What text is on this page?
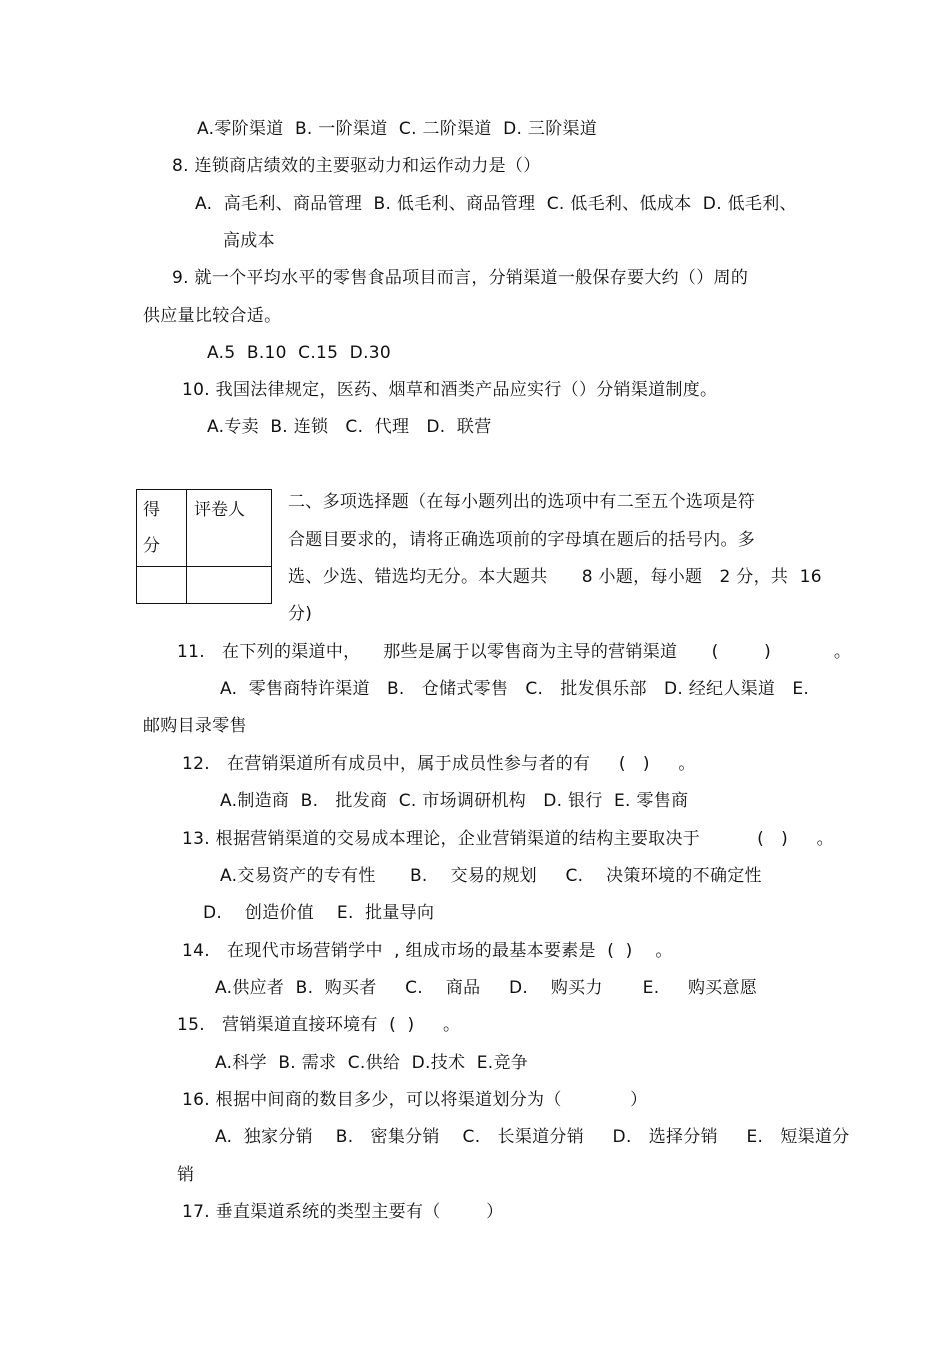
A.零阶渠道  B. 一阶渠道  C. 二阶渠道  D. 三阶渠道
8. 连锁商店绩效的主要驱动力和运作动力是（）
A.  高毛利、商品管理  B. 低毛利、商品管理  C. 低毛利、低成本  D. 低毛利、
高成本
9. 就一个平均水平的零售食品项目而言，分销渠道一般保存要大约（）周的
供应量比较合适。
A.5  B.10  C.15  D.30
10. 我国法律规定，医药、烟草和酒类产品应实行（）分销渠道制度。
A.专卖  B. 连锁   C.  代理   D.  联营
得
分
评卷人	二、多项选择题（在每小题列出的选项中有二至五个选项是符
合题目要求的，请将正确选项前的字母填在题后的括号内。多
选、少选、错选均无分。本大题共      8 小题，每小题   2 分，共  16
分)
11.   在下列的渠道中，    那些是属于以零售商为主导的营销渠道      (        )           。
A.  零售商特许渠道   B.   仓储式零售   C.   批发俱乐部   D. 经纪人渠道   E.
邮购目录零售
12.   在营销渠道所有成员中，属于成员性参与者的有     (   )     。
A.制造商  B.   批发商  C. 市场调研机构   D. 银行  E. 零售商
13. 根据营销渠道的交易成本理论，企业营销渠道的结构主要取决于          (   )     。
A.交易资产的专有性      B.    交易的规划     C.    决策环境的不确定性
D.    创造价值    E.  批量导向
14.   在现代市场营销学中  , 组成市场的最基本要素是  (  )    。
A.供应者  B.  购买者     C.    商品     D.    购买力       E.     购买意愿
15.   营销渠道直接环境有  (  )     。
A.科学  B. 需求  C.供给  D.技术  E.竞争
16. 根据中间商的数目多少，可以将渠道划分为（            ）
A.  独家分销    B.   密集分销    C.   长渠道分销     D.   选择分销     E.   短渠道分
销
17. 垂直渠道系统的类型主要有（        ）
